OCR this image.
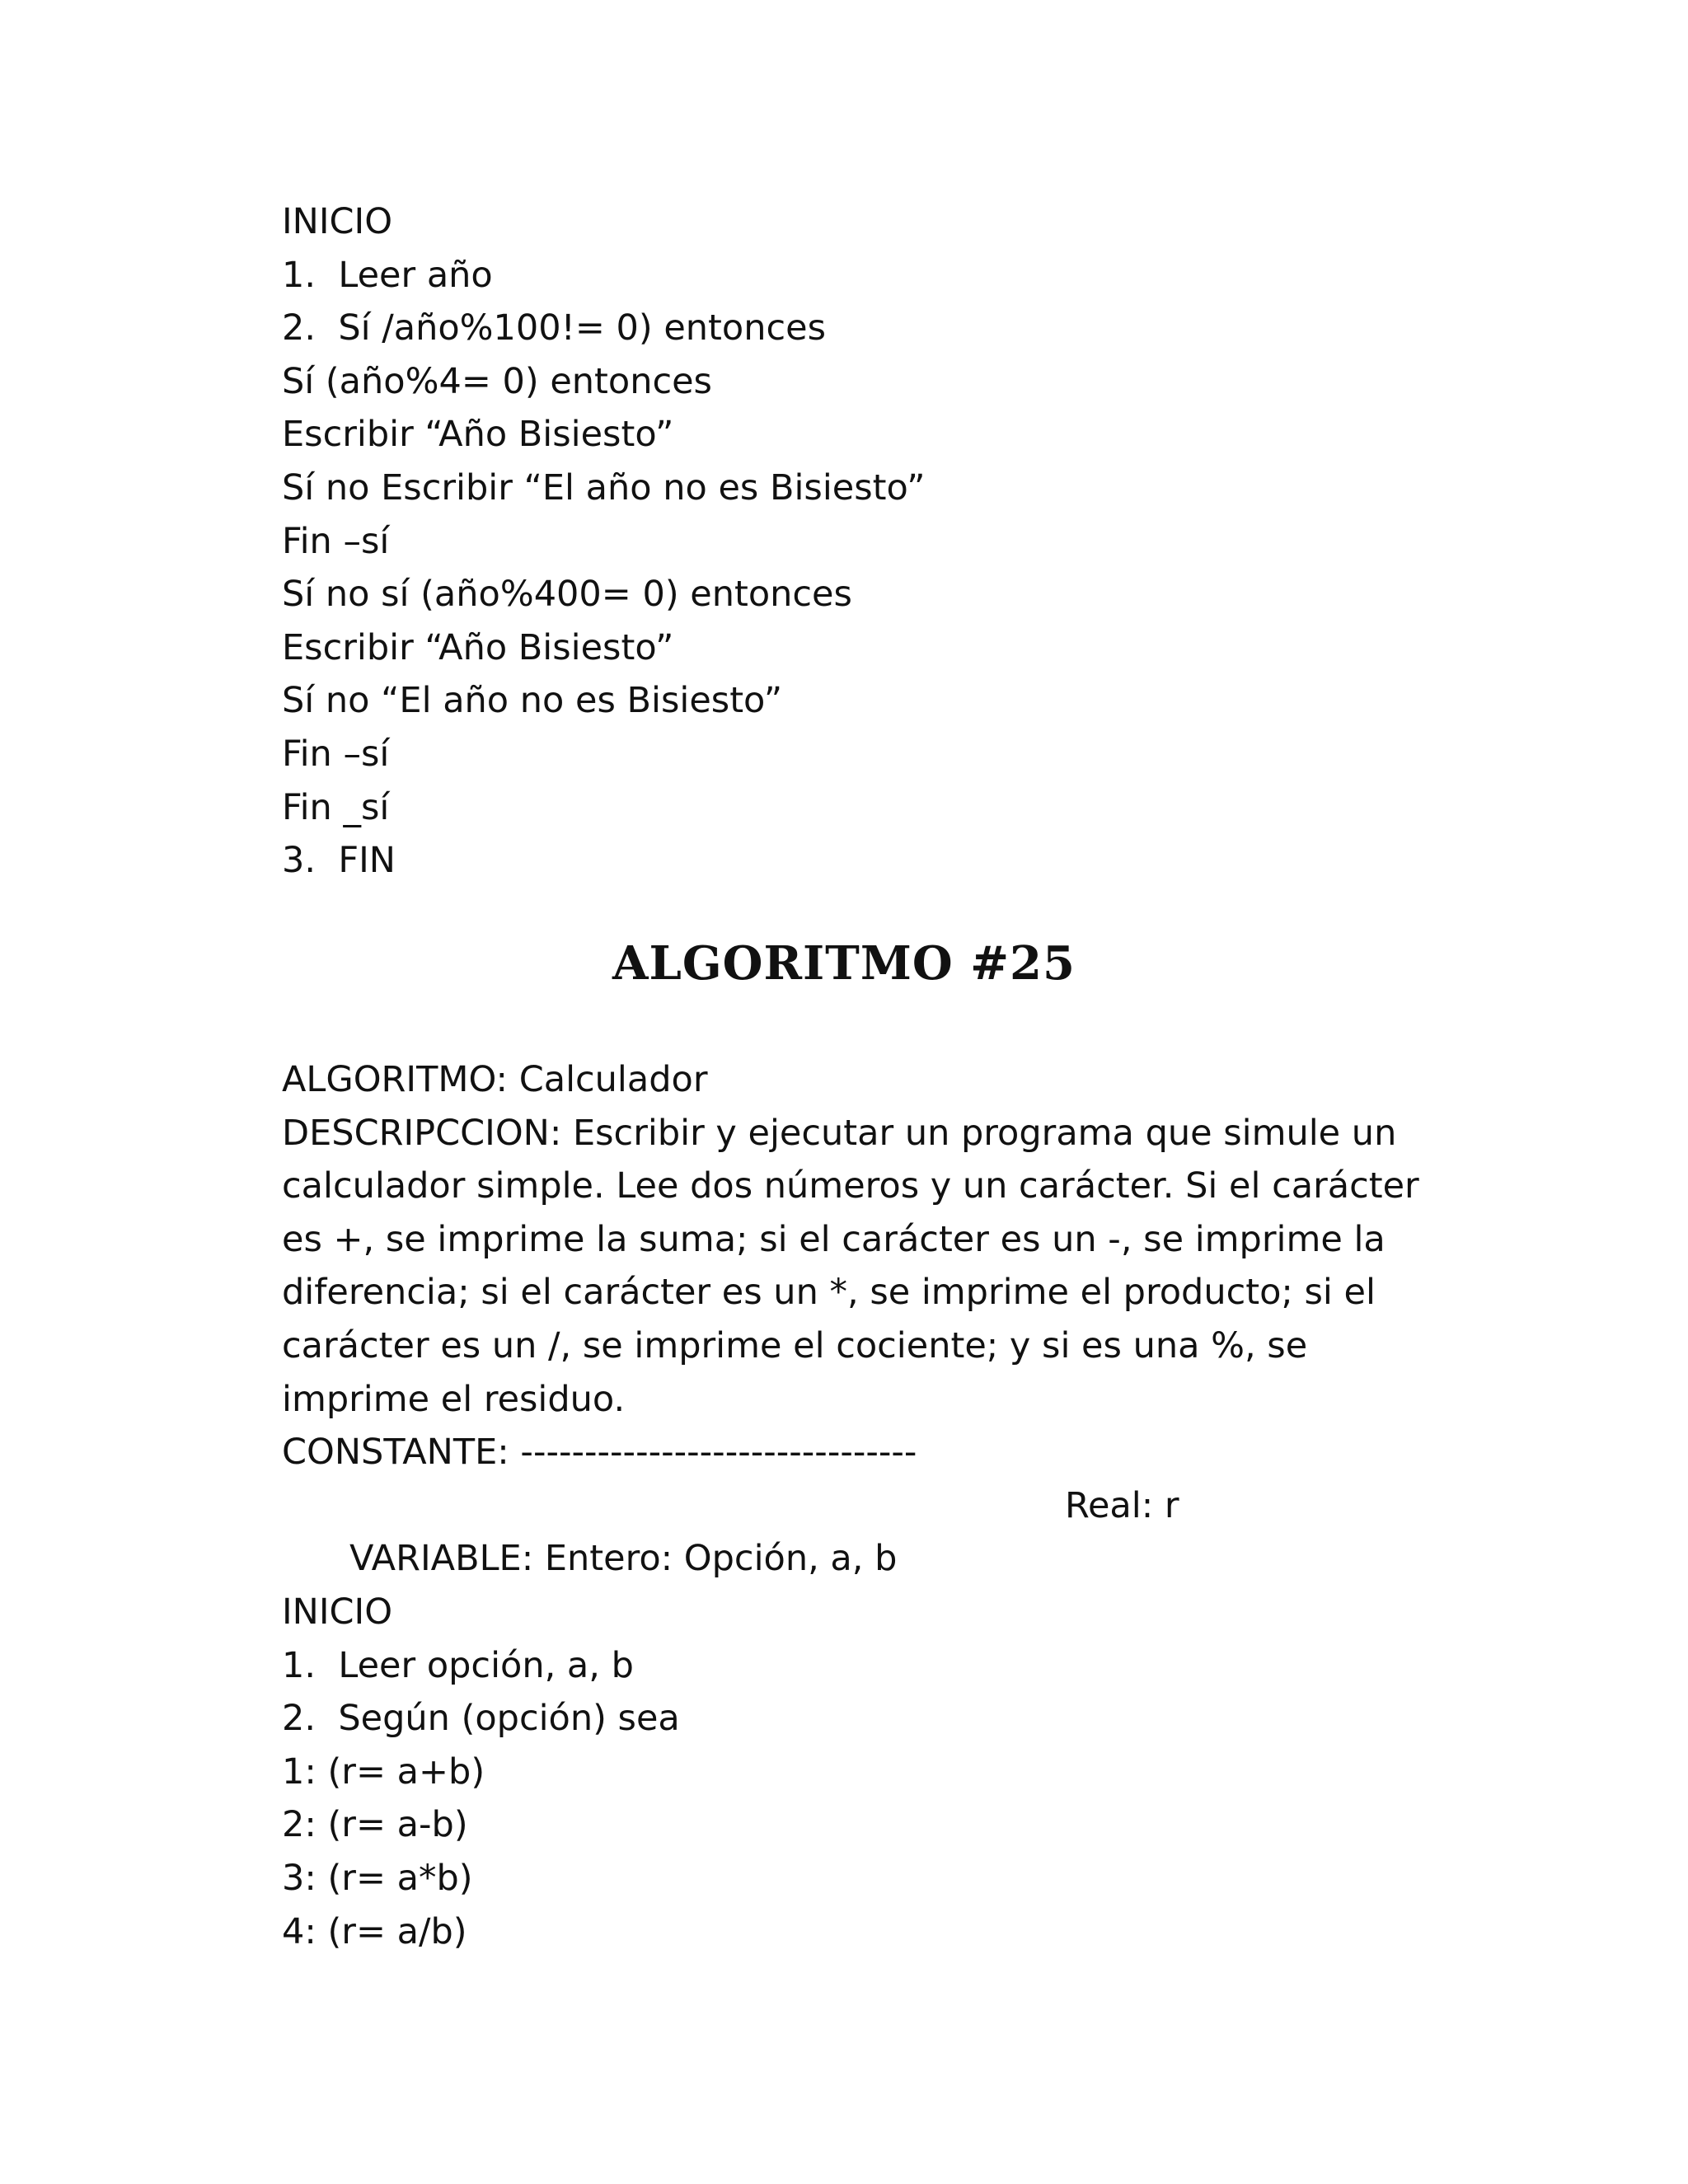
INICIO
1.  Leer año
2.  Sí /año%100!= 0) entonces
Sí (año%4= 0) entonces
Escribir “Año Bisiesto”
Sí no Escribir “El año no es Bisiesto”
Fin –sí
Sí no sí (año%400= 0) entonces
Escribir “Año Bisiesto”
Sí no “El año no es Bisiesto”
Fin –sí
Fin _sí
3.  FIN
ALGORITMO #25
ALGORITMO: Calculador
DESCRIPCCION: Escribir y ejecutar un programa que simule un calculador simple. Lee dos números y un carácter. Si el carácter es +, se imprime la suma; si el carácter es un -, se imprime la diferencia; si el carácter es un *, se imprime el producto; si el carácter es un /, se imprime el cociente; y si es una %, se imprime el residuo.
CONSTANTE: -------------------------------

VARIABLE: Entero: Opción, a, b

Real: r

INICIO
1.  Leer opción, a, b
2.  Según (opción) sea
1: (r= a+b)
2: (r= a-b)
3: (r= a*b)
4: (r= a/b)
